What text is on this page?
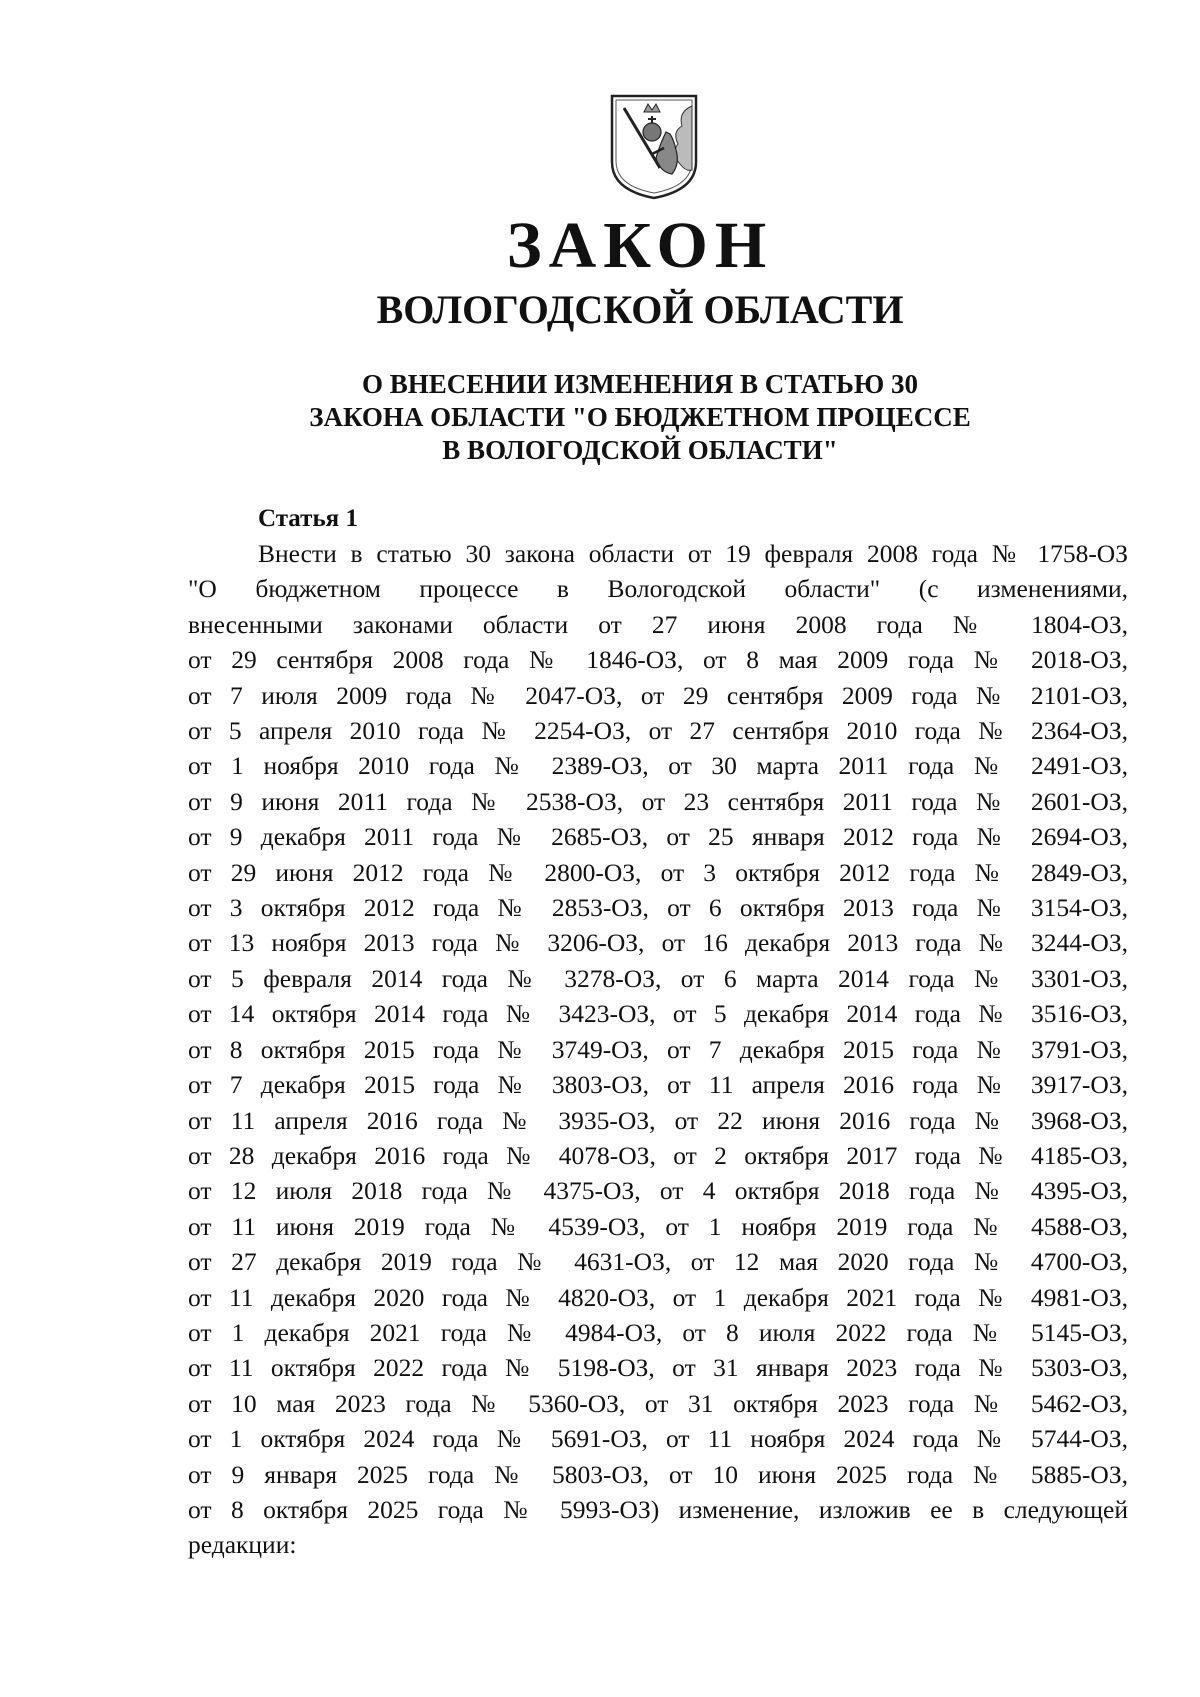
ЗАКОН
ВОЛОГОДСКОЙ ОБЛАСТИ
О ВНЕСЕНИИ ИЗМЕНЕНИЯ В СТАТЬЮ 30
ЗАКОНА ОБЛАСТИ "О БЮДЖЕТНОМ ПРОЦЕССЕ
В ВОЛОГОДСКОЙ ОБЛАСТИ"
Статья 1
Внести в статью 30 закона области от 19 февраля 2008 года № 1758-ОЗ
"О бюджетном процессе в Вологодской области" (с изменениями,
внесенными законами области от 27 июня 2008 года № 1804-ОЗ,
от 29 сентября 2008 года № 1846-ОЗ, от 8 мая 2009 года № 2018-ОЗ,
от 7 июля 2009 года № 2047-ОЗ, от 29 сентября 2009 года № 2101-ОЗ,
от 5 апреля 2010 года № 2254-ОЗ, от 27 сентября 2010 года № 2364-ОЗ,
от 1 ноября 2010 года № 2389-ОЗ, от 30 марта 2011 года № 2491-ОЗ,
от 9 июня 2011 года № 2538-ОЗ, от 23 сентября 2011 года № 2601-ОЗ,
от 9 декабря 2011 года № 2685-ОЗ, от 25 января 2012 года № 2694-ОЗ,
от 29 июня 2012 года № 2800-ОЗ, от 3 октября 2012 года № 2849-ОЗ,
от 3 октября 2012 года № 2853-ОЗ, от 6 октября 2013 года № 3154-ОЗ,
от 13 ноября 2013 года № 3206-ОЗ, от 16 декабря 2013 года № 3244-ОЗ,
от 5 февраля 2014 года № 3278-ОЗ, от 6 марта 2014 года № 3301-ОЗ,
от 14 октября 2014 года № 3423-ОЗ, от 5 декабря 2014 года № 3516-ОЗ,
от 8 октября 2015 года № 3749-ОЗ, от 7 декабря 2015 года № 3791-ОЗ,
от 7 декабря 2015 года № 3803-ОЗ, от 11 апреля 2016 года № 3917-ОЗ,
от 11 апреля 2016 года № 3935-ОЗ, от 22 июня 2016 года № 3968-ОЗ,
от 28 декабря 2016 года № 4078-ОЗ, от 2 октября 2017 года № 4185-ОЗ,
от 12 июля 2018 года № 4375-ОЗ, от 4 октября 2018 года № 4395-ОЗ,
от 11 июня 2019 года № 4539-ОЗ, от 1 ноября 2019 года № 4588-ОЗ,
от 27 декабря 2019 года № 4631-ОЗ, от 12 мая 2020 года № 4700-ОЗ,
от 11 декабря 2020 года № 4820-ОЗ, от 1 декабря 2021 года № 4981-ОЗ,
от 1 декабря 2021 года № 4984-ОЗ, от 8 июля 2022 года № 5145-ОЗ,
от 11 октября 2022 года № 5198-ОЗ, от 31 января 2023 года № 5303-ОЗ,
от 10 мая 2023 года № 5360-ОЗ, от 31 октября 2023 года № 5462-ОЗ,
от 1 октября 2024 года № 5691-ОЗ, от 11 ноября 2024 года № 5744-ОЗ,
от 9 января 2025 года № 5803-ОЗ, от 10 июня 2025 года № 5885-ОЗ,
от 8 октября 2025 года № 5993-ОЗ) изменение, изложив ее в следующей
редакции:
